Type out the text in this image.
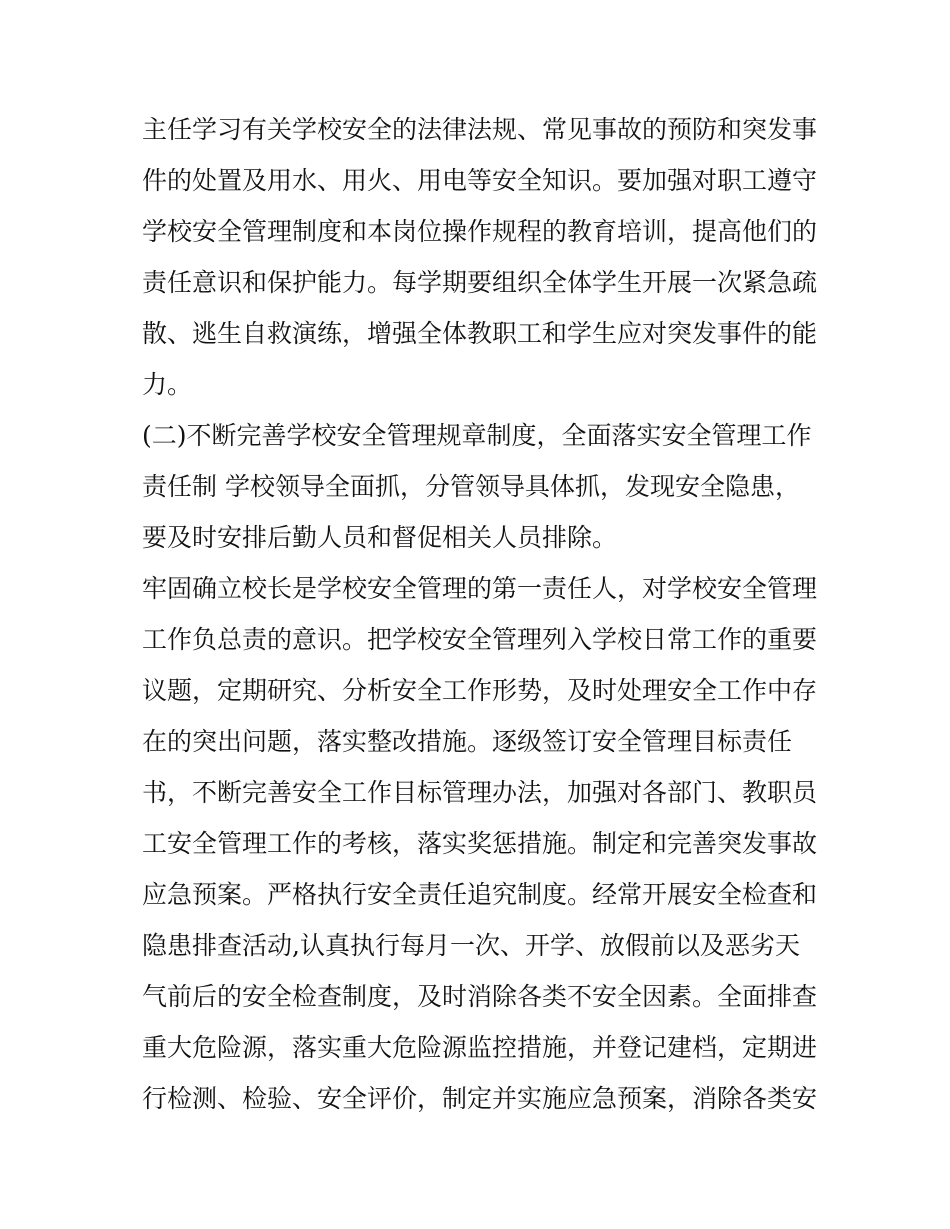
主任学习有关学校安全的法律法规、常见事故的预防和突发事
件的处置及用水、用火、用电等安全知识。要加强对职工遵守
学校安全管理制度和本岗位操作规程的教育培训，提高他们的
责任意识和保护能力。每学期要组织全体学生开展一次紧急疏
散、逃生自救演练，增强全体教职工和学生应对突发事件的能
力。
(二)不断完善学校安全管理规章制度，全面落实安全管理工作
责任制 学校领导全面抓，分管领导具体抓，发现安全隐患，
要及时安排后勤人员和督促相关人员排除。
牢固确立校长是学校安全管理的第一责任人，对学校安全管理
工作负总责的意识。把学校安全管理列入学校日常工作的重要
议题，定期研究、分析安全工作形势，及时处理安全工作中存
在的突出问题，落实整改措施。逐级签订安全管理目标责任
书，不断完善安全工作目标管理办法，加强对各部门、教职员
工安全管理工作的考核，落实奖惩措施。制定和完善突发事故
应急预案。严格执行安全责任追究制度。经常开展安全检查和
隐患排查活动,认真执行每月一次、开学、放假前以及恶劣天
气前后的安全检查制度，及时消除各类不安全因素。全面排查
重大危险源，落实重大危险源监控措施，并登记建档，定期进
行检测、检验、安全评价，制定并实施应急预案，消除各类安
